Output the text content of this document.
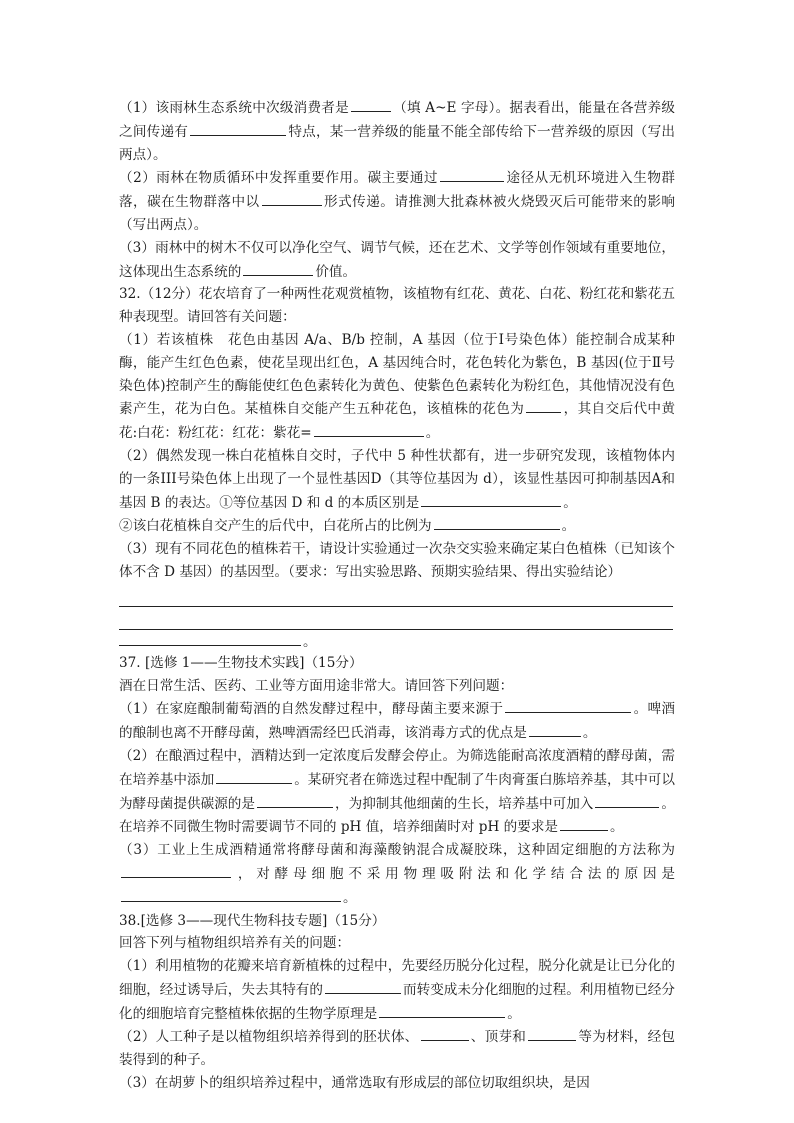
（1）该雨林生态系统中次级消费者是	（填 A~E 字母）。据表看出，能量在各营养级之间传递有	特点，某一营养级的能量不能全部传给下一营养级的原因（写出两点）。

（2）雨林在物质循环中发挥重要作用。碳主要通过	途径从无机环境进入生物群落，碳在生物群落中以	形式传递。请推测大批森林被火烧毁灭后可能带来的影响（写出两点）。

（3）雨林中的树木不仅可以净化空气、调节气候，还在艺术、文学等创作领域有重要地位，这体现出生态系统的	价值。

32.（12分）花农培育了一种两性花观赏植物，该植物有红花、黄花、白花、粉红花和紫花五种表现型。请回答有关问题：

（1）若该植株　花色由基因 A/a、B/b 控制，A 基因（位于Ⅰ号染色体）能控制合成某种酶，能产生红色色素，使花呈现出红色，A 基因纯合时，花色转化为紫色，B 基因(位于Ⅱ号染色体)控制产生的酶能使红色色素转化为黄色、使紫色色素转化为粉红色，其他情况没有色素产生，花为白色。某植株自交能产生五种花色，该植株的花色为	，其自交后代中黄花:白花：粉红花：红花：紫花=	。

（2）偶然发现一株白花植株自交时，子代中 5 种性状都有，进一步研究发现，该植物体内的一条III号染色体上出现了一个显性基因D（其等位基因为 d），该显性基因可抑制基因A和基因 B 的表达。①等位基因 D 和 d 的本质区别是	。

②该白花植株自交产生的后代中，白花所占的比例为	。

（3）现有不同花色的植株若干，请设计实验通过一次杂交实验来确定某白色植株（已知该个体不含 D 基因）的基因型。（要求：写出实验思路、预期实验结果、得出实验结论）

。

37. [选修 1——生物技术实践]（15分）

酒在日常生活、医药、工业等方面用途非常大。请回答下列问题：

（1）在家庭酿制葡萄酒的自然发酵过程中，酵母菌主要来源于	。啤酒的酿制也离不开酵母菌，熟啤酒需经巴氏消毒，该消毒方式的优点是	。

（2）在酿酒过程中，酒精达到一定浓度后发酵会停止。为筛选能耐高浓度酒精的酵母菌，需在培养基中添加	。某研究者在筛选过程中配制了牛肉膏蛋白胨培养基，其中可以为酵母菌提供碳源的是	，为抑制其他细菌的生长，培养基中可加入	。在培养不同微生物时需要调节不同的 pH 值，培养细菌时对 pH 的要求是	。

（3）工业上生成酒精通常将酵母菌和海藻酸钠混合成凝胶珠，这种固定细胞的方法称为，对酵母细胞不采用物理吸附法和化学结合法的原因是。

38.[选修 3——现代生物科技专题]（15分）

回答下列与植物组织培养有关的问题：

（1）利用植物的花瓣来培育新植株的过程中，先要经历脱分化过程，脱分化就是让已分化的细胞，经过诱导后，失去其特有的	而转变成未分化细胞的过程。利用植物已经分化的细胞培育完整植株依据的生物学原理是	。

（2）人工种子是以植物组织培养得到的胚状体、	、顶芽和	等为材料，经包装得到的种子。

（3）在胡萝卜的组织培养过程中，通常选取有形成层的部位切取组织块，是因
